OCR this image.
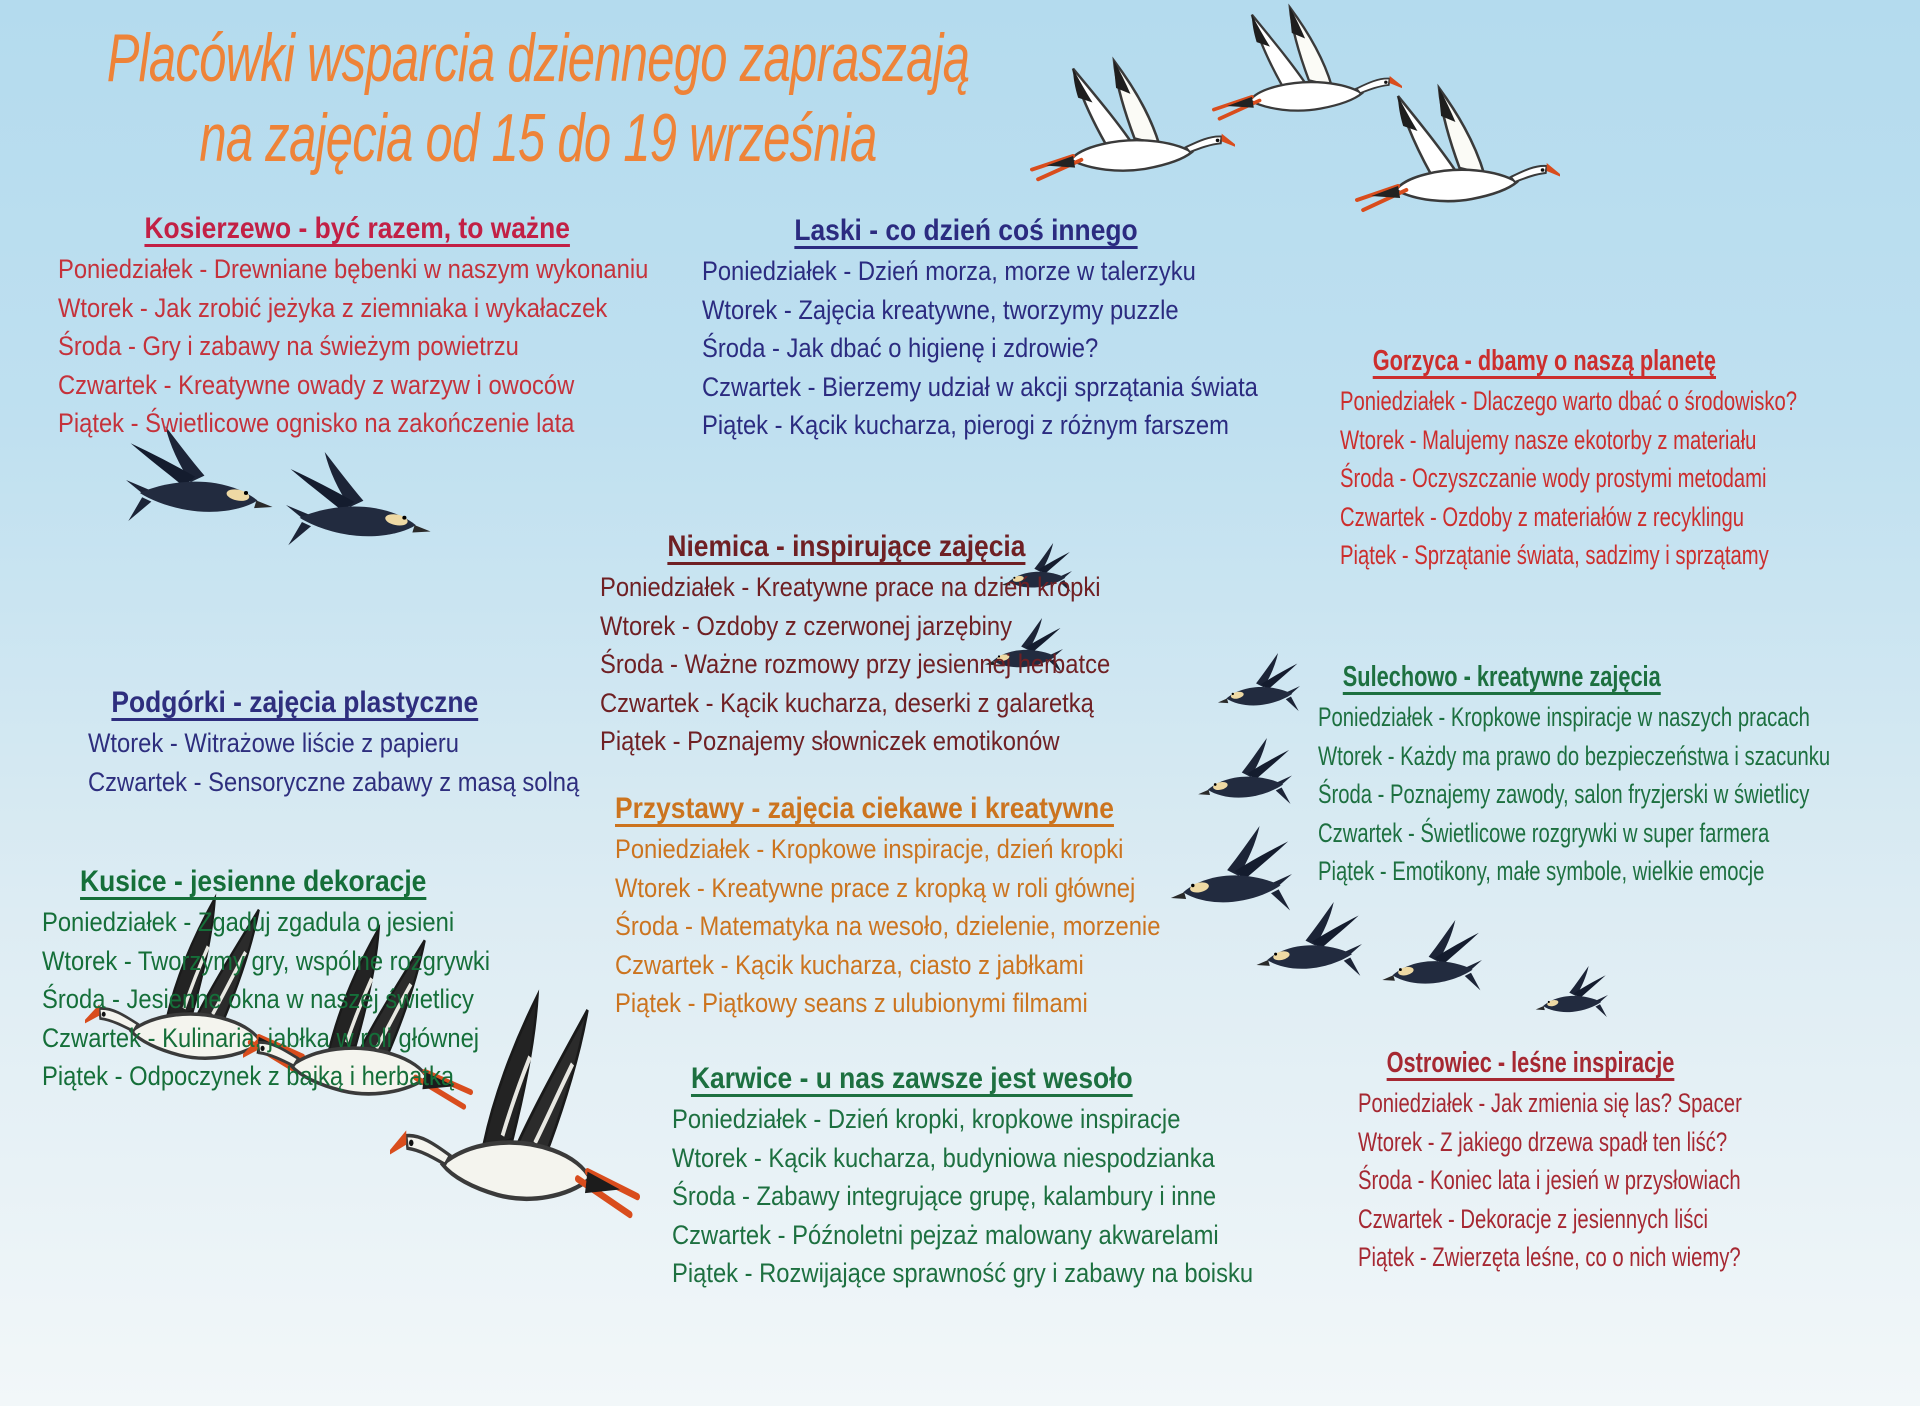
Placówki wsparcia dziennego zapraszają
na zajęcia od 15 do 19 września
Kosierzewo - być razem, to ważne
Poniedziałek - Drewniane bębenki w naszym wykonaniu
Wtorek - Jak zrobić jeżyka z ziemniaka i wykałaczek
Środa - Gry i zabawy na świeżym powietrzu
Czwartek - Kreatywne owady z warzyw i owoców
Piątek - Świetlicowe ognisko na zakończenie lata
Podgórki - zajęcia plastyczne
Wtorek - Witrażowe liście z papieru
Czwartek - Sensoryczne zabawy z masą solną
Kusice - jesienne dekoracje
Poniedziałek - Zgaduj zgadula o jesieni
Wtorek - Tworzymy gry, wspólne rozgrywki
Środa - Jesienne okna w naszej świetlicy
Czwartek - Kulinaria, jabłka w roli głównej
Piątek - Odpoczynek z bajką i herbatką
Laski - co dzień coś innego
Poniedziałek - Dzień morza, morze w talerzyku
Wtorek - Zajęcia kreatywne, tworzymy puzzle
Środa - Jak dbać o higienę i zdrowie?
Czwartek - Bierzemy udział w akcji sprzątania świata
Piątek - Kącik kucharza, pierogi z różnym farszem
Niemica - inspirujące zajęcia
Poniedziałek - Kreatywne prace na dzień kropki
Wtorek - Ozdoby z czerwonej jarzębiny
Środa - Ważne rozmowy przy jesiennej herbatce
Czwartek - Kącik kucharza, deserki z galaretką
Piątek - Poznajemy słowniczek emotikonów
Przystawy - zajęcia ciekawe i kreatywne
Poniedziałek - Kropkowe inspiracje, dzień kropki
Wtorek - Kreatywne prace z kropką w roli głównej
Środa - Matematyka na wesoło, dzielenie, morzenie
Czwartek - Kącik kucharza, ciasto z jabłkami
Piątek - Piątkowy seans z ulubionymi filmami
Karwice - u nas zawsze jest wesoło
Poniedziałek - Dzień kropki, kropkowe inspiracje
Wtorek - Kącik kucharza, budyniowa niespodzianka
Środa - Zabawy integrujące grupę, kalambury i inne
Czwartek - Późnoletni pejzaż malowany akwarelami
Piątek - Rozwijające sprawność gry i zabawy na boisku
Gorzyca - dbamy o naszą planetę
Poniedziałek - Dlaczego warto dbać o środowisko?
Wtorek - Malujemy nasze ekotorby z materiału
Środa - Oczyszczanie wody prostymi metodami
Czwartek - Ozdoby z materiałów z recyklingu
Piątek - Sprzątanie świata, sadzimy i sprzątamy
Sulechowo - kreatywne zajęcia
Poniedziałek - Kropkowe inspiracje w naszych pracach
Wtorek - Każdy ma prawo do bezpieczeństwa i szacunku
Środa - Poznajemy zawody, salon fryzjerski w świetlicy
Czwartek - Świetlicowe rozgrywki w super farmera
Piątek - Emotikony, małe symbole, wielkie emocje
Ostrowiec - leśne inspiracje
Poniedziałek - Jak zmienia się las? Spacer
Wtorek - Z jakiego drzewa spadł ten liść?
Środa - Koniec lata i jesień w przysłowiach
Czwartek - Dekoracje z jesiennych liści
Piątek - Zwierzęta leśne, co o nich wiemy?
